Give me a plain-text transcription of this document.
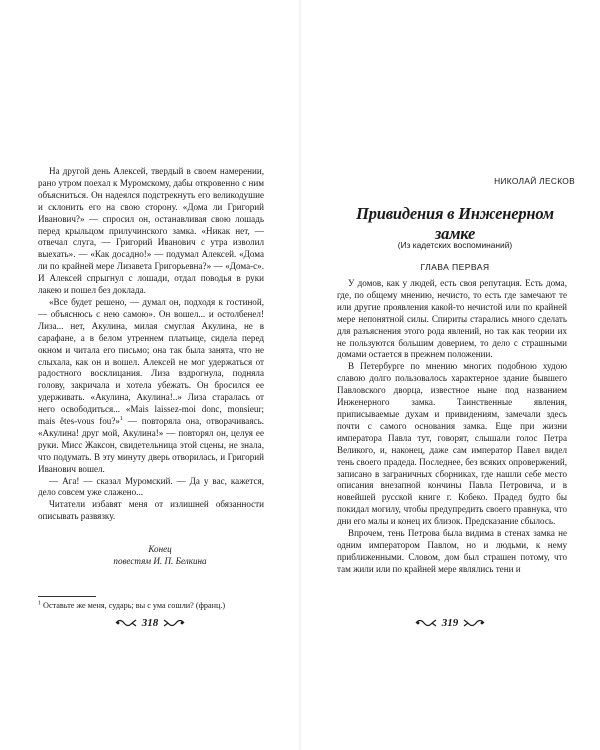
На другой день Алексей, твердый в своем намерении, рано утром поехал к Муромскому, дабы откровенно с ним объясниться. Он надеялся подстрекнуть его великодушие и склонить его на свою сторону. «Дома ли Григорий Иванович?» — спросил он, останавливая свою лошадь перед крыльцом прилучинского замка. «Никак нет, — отвечал слуга, — Григорий Иванович с утра изволил выехать». — «Как досадно!» — подумал Алексей. «Дома ли по крайней мере Лизавета Григорьевна?» — «Дома-с». И Алексей спрыгнул с лошади, отдал поводья в руки лакею и пошел без доклада.

«Все будет решено, — думал он, подходя к гостиной, — объяснюсь с нею самою». Он вошел... и остолбенел! Лиза... нет, Акулина, милая смуглая Акулина, не в сарафане, а в белом утреннем платьице, сидела перед окном и читала его письмо; она так была занята, что не слыхала, как он и вошел. Алексей не мог удержаться от радостного восклицания. Лиза вздрогнула, подняла голову, закричала и хотела убежать. Он бросился ее удерживать. «Акулина, Акулина!..» Лиза старалась от него освободиться... «Mais laissez-moi donc, monsieur; mais êtes-vous fou?»$^1$ — повторяла она, отворачиваясь. «Акулина! друг мой, Акулина!» — повторял он, целуя ее руки. Мисс Жаксон, свидетельница этой сцены, не знала, что подумать. В эту минуту дверь отворилась, и Григорий Иванович вошел.

— Ага! — сказал Муромский. — Да у вас, кажется, дело совсем уже слажено...

Читатели избавят меня от излишней обязанности описывать развязку.

Конец
повестям И. П. Белкина
$^1$ Оставьте же меня, сударь; вы с ума сошли? (франц.)
318
НИКОЛАЙ ЛЕСКОВ
Привидения в Инженерном замке
(Из кадетских воспоминаний)
ГЛАВА ПЕРВАЯ

У домов, как у людей, есть своя репутация. Есть дома, где, по общему мнению, нечисто, то есть где замечают те или другие проявления какой-то нечистой или по крайней мере непонятной силы. Спириты старались много сделать для разъяснения этого рода явлений, но так как теории их не пользуются большим доверием, то дело с страшными домами остается в прежнем положении.

В Петербурге по мнению многих подобною худою славою долго пользовалось характерное здание бывшего Павловского дворца, известное ныне под названием Инженерного замка. Таинственные явления, приписываемые духам и привидениям, замечали здесь почти с самого основания замка. Еще при жизни императора Павла тут, говорят, слышали голос Петра Великого, и, наконец, даже сам император Павел видел тень своего прадеда. Последнее, без всяких опровержений, записано в заграничных сборниках, где нашли себе место описания внезапной кончины Павла Петровича, и в новейшей русской книге г. Кобеко. Прадед будто бы покидал могилу, чтобы предупредить своего правнука, что дни его малы и конец их близок. Предсказание сбылось.

Впрочем, тень Петрова была видима в стенах замка не одним императором Павлом, но и людьми, к нему приближенными. Словом, дом был страшен потому, что там жили или по крайней мере являлись тени и

319
